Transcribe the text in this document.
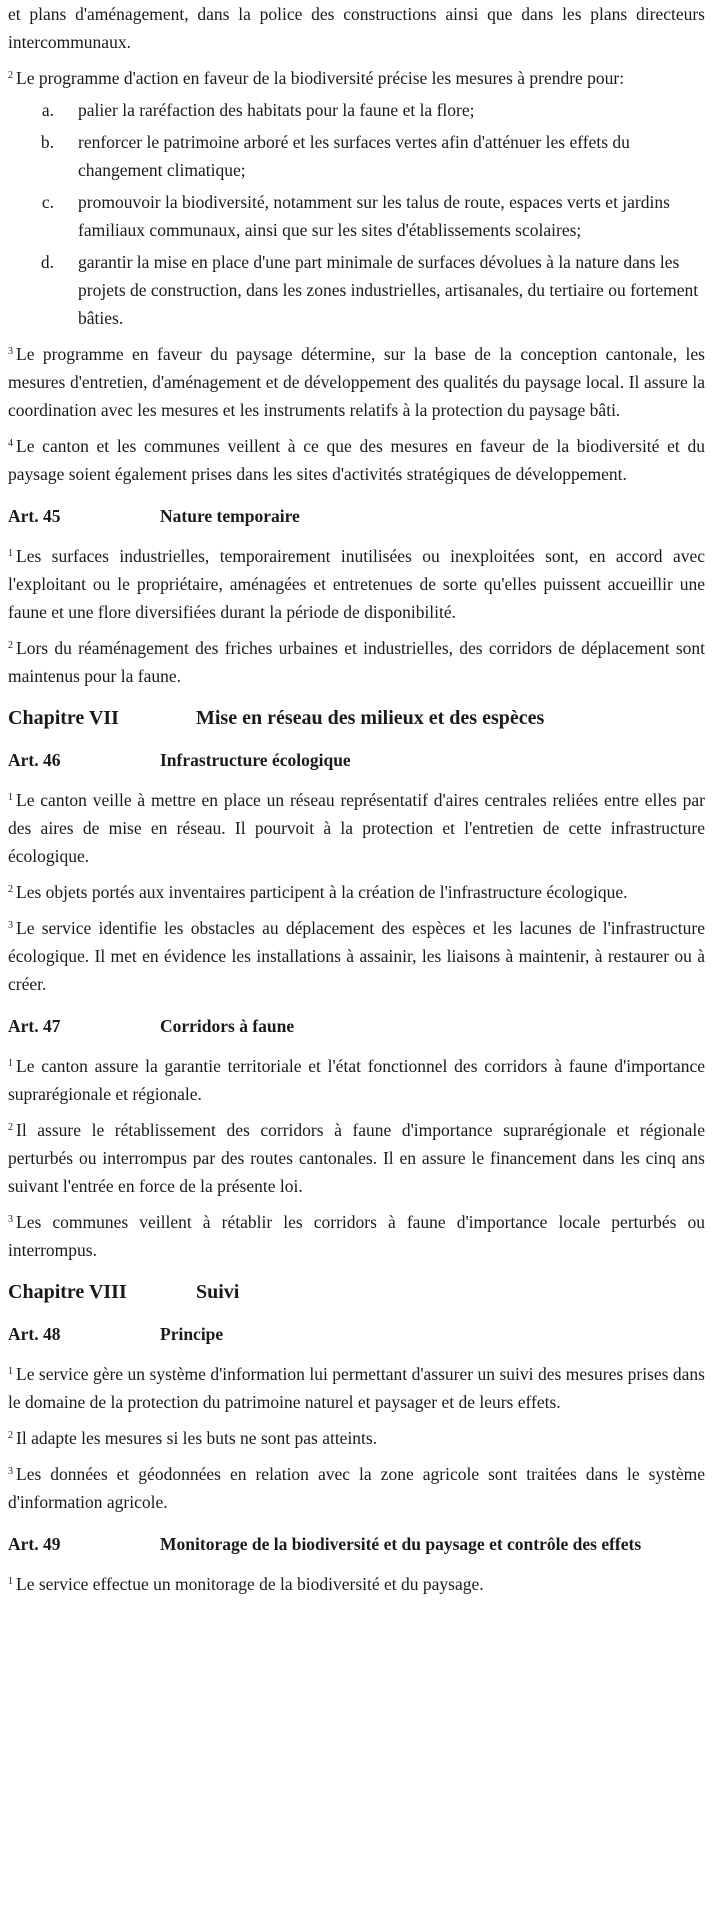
et plans d'aménagement, dans la police des constructions ainsi que dans les plans directeurs intercommunaux.

$^2$ Le programme d'action en faveur de la biodiversité précise les mesures à prendre pour:

a.	palier la raréfaction des habitats pour la faune et la flore;
b.	renforcer le patrimoine arboré et les surfaces vertes afin d'atténuer les effets du changement climatique;
c.	promouvoir la biodiversité, notamment sur les talus de route, espaces verts et jardins familiaux communaux, ainsi que sur les sites d'établissements scolaires;
d.	garantir la mise en place d'une part minimale de surfaces dévolues à la nature dans les projets de construction, dans les zones industrielles, artisanales, du tertiaire ou fortement bâties.

$^3$ Le programme en faveur du paysage détermine, sur la base de la conception cantonale, les mesures d'entretien, d'aménagement et de développement des qualités du paysage local. Il assure la coordination avec les mesures et les instruments relatifs à la protection du paysage bâti.

$^4$ Le canton et les communes veillent à ce que des mesures en faveur de la biodiversité et du paysage soient également prises dans les sites d'activités stratégiques de développement.

Art. 45	Nature temporaire

$^1$ Les surfaces industrielles, temporairement inutilisées ou inexploitées sont, en accord avec l'exploitant ou le propriétaire, aménagées et entretenues de sorte qu'elles puissent accueillir une faune et une flore diversifiées durant la période de disponibilité.

$^2$ Lors du réaménagement des friches urbaines et industrielles, des corridors de déplacement sont maintenus pour la faune.

Chapitre VII	Mise en réseau des milieux et des espèces
Art. 46	Infrastructure écologique

$^1$ Le canton veille à mettre en place un réseau représentatif d'aires centrales reliées entre elles par des aires de mise en réseau. Il pourvoit à la protection et l'entretien de cette infrastructure écologique.

$^2$ Les objets portés aux inventaires participent à la création de l'infrastructure écologique.

$^3$ Le service identifie les obstacles au déplacement des espèces et les lacunes de l'infrastructure écologique. Il met en évidence les installations à assainir, les liaisons à maintenir, à restaurer ou à créer.

Art. 47	Corridors à faune

$^1$ Le canton assure la garantie territoriale et l'état fonctionnel des corridors à faune d'importance suprarégionale et régionale.

$^2$ Il assure le rétablissement des corridors à faune d'importance suprarégionale et régionale perturbés ou interrompus par des routes cantonales. Il en assure le financement dans les cinq ans suivant l'entrée en force de la présente loi.

$^3$ Les communes veillent à rétablir les corridors à faune d'importance locale perturbés ou interrompus.

Chapitre VIII	Suivi
Art. 48	Principe

$^1$ Le service gère un système d'information lui permettant d'assurer un suivi des mesures prises dans le domaine de la protection du patrimoine naturel et paysager et de leurs effets.

$^2$ Il adapte les mesures si les buts ne sont pas atteints.

$^3$ Les données et géodonnées en relation avec la zone agricole sont traitées dans le système d'information agricole.

Art. 49	Monitorage de la biodiversité et du paysage et contrôle des effets

$^1$ Le service effectue un monitorage de la biodiversité et du paysage.
